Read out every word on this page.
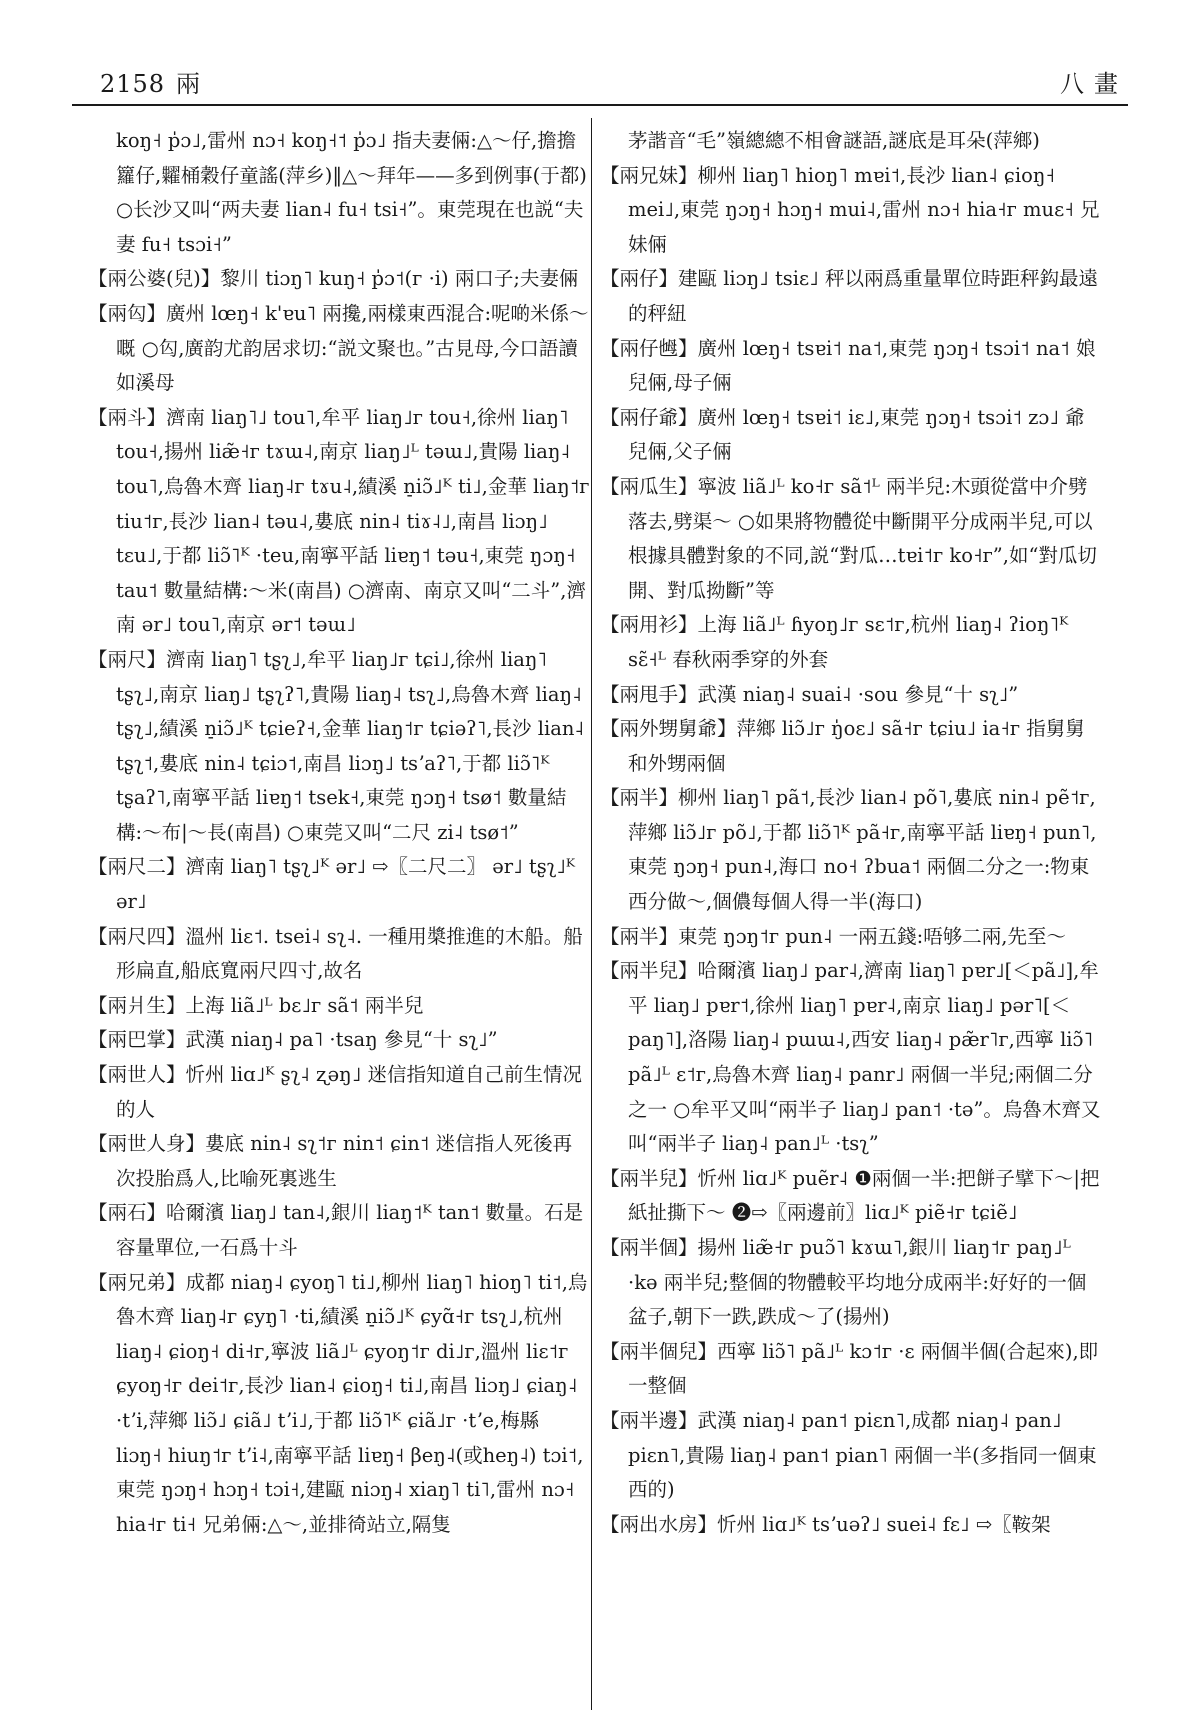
2158 兩	八畫

koŋ˧ p̍ɔ˩,雷州 nɔ˧ koŋ˧˦ p̍ɔ˩ 指夫妻倆:△～仔,擔擔籮仔,糶桶穀仔童謠(萍乡)‖△～拜年——多到例事(于都) ○长沙又叫“两夫妻 lian˨ fu˧ tsi˧”。東莞現在也説“夫妻 fu˧ tsɔi˧”

【兩公婆(兒)】黎川 tiɔŋ˥ kuŋ˧ p̍ɔ˦(ᴦ ·i) 兩口子;夫妻倆

【兩匃】廣州 lœŋ˧ k'ɐu˥ 兩攙,兩樣東西混合:呢啲米係～嘅 ○匃,廣韵尤韵居求切:“説文聚也。”古見母,今口語讀如溪母

【兩斗】濟南 liaŋ˥˩ tou˥,牟平 liaŋ˩ᴦ tou˧,徐州 liaŋ˥ tou˧,揚州 liæ̃˧ᴦ tɤɯ˨,南京 liaŋ˩ᴸ təɯ˩,貴陽 liaŋ˨ tou˥,烏魯木齊 liaŋ˨ᴦ tɤu˨,績溪 n̠iɔ̃˩ᴷ ti˩,金華 liaŋ˦ᴦ tiu˦ᴦ,長沙 lian˨ təu˨,婁底 nin˨ tiɤ˨˩,南昌 liɔŋ˩ tɛu˩,于都 liɔ̃˥ᴷ ·teu,南寧平話 liɐŋ˦ təu˧,東莞 ŋɔŋ˧ tau˦ 數量結構:～米(南昌) ○濟南、南京又叫“二斗”,濟南 ər˩ tou˥,南京 ər˦ təɯ˩

【兩尺】濟南 liaŋ˥ tʂʅ˩,牟平 liaŋ˩ᴦ tɕi˩,徐州 liaŋ˥ tʂʅ˩,南京 liaŋ˩ tʂʅʔ˥,貴陽 liaŋ˨ tsʅ˩,烏魯木齊 liaŋ˨ tʂʅ˩,績溪 n̠iɔ̃˩ᴷ tɕieʔ˧,金華 liaŋ˦ᴦ tɕiəʔ˥,長沙 lian˨ tʂʅ˦,婁底 nin˨ tɕiɔ˦,南昌 liɔŋ˩ tsʼaʔ˥,于都 liɔ̃˥ᴷ tʂaʔ˥,南寧平話 liɐŋ˦ tsek˧,東莞 ŋɔŋ˧ tsø˦ 數量結構:～布|～長(南昌) ○東莞又叫“二尺 zi˨ tsø˦”

【兩尺二】濟南 liaŋ˥ tʂʅ˩ᴷ ər˩ ⇨〖二尺二〗 ər˩ tʂʅ˩ᴷ ər˩

【兩尺四】溫州 liɛ˦. tsei˨ sʅ˨. 一種用槳推進的木船。船形扁直,船底寬兩尺四寸,故名

【兩爿生】上海 liã˩ᴸ bɛ˩ᴦ sã˦ 兩半兒

【兩巴掌】武漢 niaŋ˨ pa˥ ·tsaŋ 參見“十 sʅ˩”

【兩世人】忻州 liɑ˩ᴷ ʂʅ˨ ʐəŋ˩ 迷信指知道自己前生情况的人

【兩世人身】婁底 nin˨ sʅ˦ᴦ nin˦ ɕin˦ 迷信指人死後再次投胎爲人,比喻死裏逃生

【兩石】哈爾濱 liaŋ˩ tan˨,銀川 liaŋ˦ᴷ tan˦ 數量。石是容量單位,一石爲十斗

【兩兄弟】成都 niaŋ˨ ɕyoŋ˥ ti˩,柳州 liaŋ˥ hioŋ˥ ti˦,烏魯木齊 liaŋ˨ᴦ ɕyŋ˥ ·ti,績溪 n̠iɔ̃˩ᴷ ɕyɑ̃˧ᴦ tsʅ˩,杭州 liaŋ˨ ɕioŋ˧ di˧ᴦ,寧波 liã˩ᴸ ɕyoŋ˦ᴦ di˩ᴦ,溫州 liɛ˦ᴦ ɕyoŋ˧ᴦ dei˦ᴦ,長沙 lian˨ ɕioŋ˧ ti˩,南昌 liɔŋ˩ ɕiaŋ˨ ·tʼi,萍鄉 liɔ̃˩ ɕiã˩ tʼi˩,于都 liɔ̃˥ᴷ ɕiã˩ᴦ ·tʼe,梅縣 liɔŋ˧ hiuŋ˦ᴦ tʼi˨,南寧平話 liɐŋ˧ βeŋ˨(或heŋ˨) tɔi˦,東莞 ŋɔŋ˧ hɔŋ˧ tɔi˧,建甌 niɔŋ˨ xiaŋ˥ ti˥,雷州 nɔ˧ hia˧ᴦ ti˧ 兄弟倆:△～,並排徛站立,隔隻

茅諧音“毛”嶺總總不相會謎語,謎底是耳朵(萍鄉)

【兩兄妹】柳州 liaŋ˥ hioŋ˥ mɐi˦,長沙 lian˨ ɕioŋ˧ mei˩,東莞 ŋɔŋ˧ hɔŋ˧ mui˨,雷州 nɔ˧ hia˧ᴦ muɛ˧ 兄妹倆

【兩仔】建甌 liɔŋ˩ tsiɛ˩ 秤以兩爲重量單位時距秤鈎最遠的秤紐

【兩仔乸】廣州 lœŋ˧ tsɐi˦ na˦,東莞 ŋɔŋ˧ tsɔi˦ na˦ 娘兒倆,母子倆

【兩仔爺】廣州 lœŋ˧ tsɐi˦ iɛ˩,東莞 ŋɔŋ˧ tsɔi˦ zɔ˩ 爺兒倆,父子倆

【兩瓜生】寧波 liã˩ᴸ ko˧ᴦ sã˦ᴸ 兩半兒:木頭從當中介劈落去,劈渠～ ○如果將物體從中斷開平分成兩半兒,可以根據具體對象的不同,説“對瓜…tɐi˦ᴦ ko˧ᴦ”,如“對瓜切開、對瓜拗斷”等

【兩用衫】上海 liã˩ᴸ ɦyoŋ˩ᴦ sɛ˦ᴦ,杭州 liaŋ˨ ʔioŋ˥ᴷ sɛ̃˧ᴸ 春秋兩季穿的外套

【兩甩手】武漢 niaŋ˨ suai˨ ·sou 參見“十 sʅ˩”

【兩外甥舅爺】萍鄉 liɔ̃˩ᴦ ŋ̍oɛ˩ sã˧ᴦ tɕiu˩ ia˧ᴦ 指舅舅和外甥兩個

【兩半】柳州 liaŋ˥ pã˦,長沙 lian˨ põ˥,婁底 nin˨ pẽ˦ᴦ,萍鄉 liɔ̃˩ᴦ põ˩,于都 liɔ̃˥ᴷ pã˧ᴦ,南寧平話 liɐŋ˧ pun˥,東莞 ŋɔŋ˧ pun˨,海口 no˧ ʔbua˦ 兩個二分之一:物東西分做～,個儂每個人得一半(海口)

【兩半】東莞 ŋɔŋ˦ᴦ pun˨ 一兩五錢:唔够二兩,先至～

【兩半兒】哈爾濱 liaŋ˩ par˨,濟南 liaŋ˥ pɐr˩[＜pã˩],牟平 liaŋ˩ pɐr˦,徐州 liaŋ˥ pɐr˨,南京 liaŋ˩ pər˥[＜paŋ˥],洛陽 liaŋ˨ pɯɯ˨,西安 liaŋ˨ pæ̃r˥ᴦ,西寧 liɔ̃˥ pã˩ᴸ ɛ˦ᴦ,烏魯木齊 liaŋ˨ panr˩ 兩個一半兒;兩個二分之一 ○牟平又叫“兩半子 liaŋ˩ pan˦ ·tə”。烏魯木齊又叫“兩半子 liaŋ˨ pan˩ᴸ ·tsʅ”

【兩半兒】忻州 liɑ˩ᴷ puẽr˨ ❶兩個一半:把餅子擘下～|把紙扯撕下～ ❷⇨〖兩邊前〗liɑ˩ᴷ piẽ˧ᴦ tɕiẽ˩

【兩半個】揚州 liæ̃˧ᴦ puɔ̃˥ kɤɯ˥,銀川 liaŋ˦ᴦ paŋ˩ᴸ ·kə 兩半兒;整個的物體較平均地分成兩半:好好的一個盆子,朝下一跌,跌成～了(揚州)

【兩半個兒】西寧 liɔ̃˥ pã˩ᴸ kɔ˦ᴦ ·ɛ 兩個半個(合起來),即一整個

【兩半邊】武漢 niaŋ˨ pan˦ piɛn˥,成都 niaŋ˨ pan˩ piɛn˥,貴陽 liaŋ˨ pan˦ pian˥ 兩個一半(多指同一個東西的)

【兩出水房】忻州 liɑ˩ᴷ tsʼuəʔ˩ suei˨ fɛ˩ ⇨〖鞍架
